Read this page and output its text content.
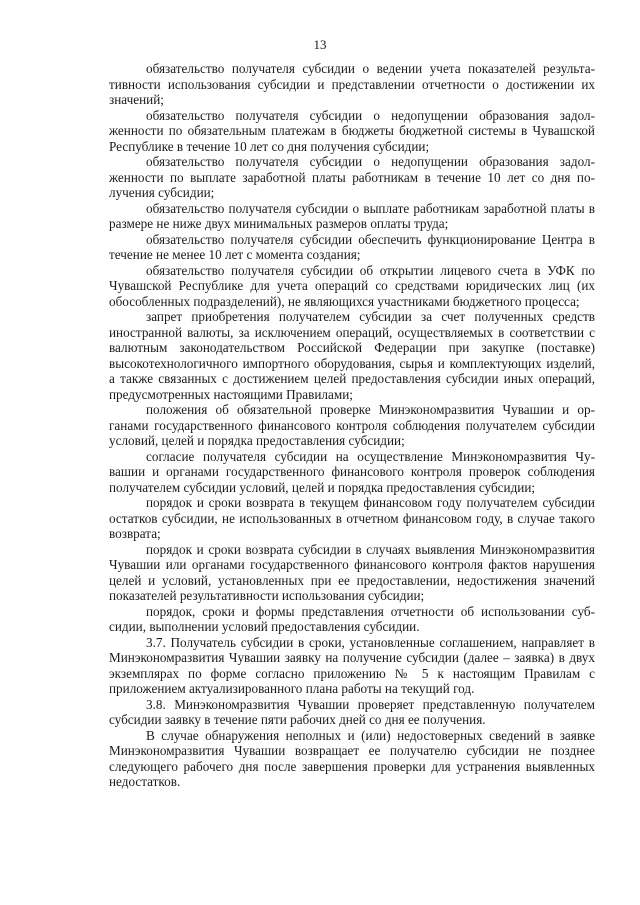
13

обязательство получателя субсидии о ведении учета показателей результативности использования субсидии и представлении отчетности о достижении их значений;

обязательство получателя субсидии о недопущении образования задолженности по обязательным платежам в бюджеты бюджетной системы в Чувашской Республике в течение 10 лет со дня получения субсидии;

обязательство получателя субсидии о недопущении образования задолженности по выплате заработной платы работникам в течение 10 лет со дня получения субсидии;

обязательство получателя субсидии о выплате работникам заработной платы в размере не ниже двух минимальных размеров оплаты труда;

обязательство получателя субсидии обеспечить функционирование Центра в течение не менее 10 лет с момента создания;

обязательство получателя субсидии об открытии лицевого счета в УФК по Чувашской Республике для учета операций со средствами юридических лиц (их обособленных подразделений), не являющихся участниками бюджетного процесса;

запрет приобретения получателем субсидии за счет полученных средств иностранной валюты, за исключением операций, осуществляемых в соответствии с валютным законодательством Российской Федерации при закупке (поставке) высокотехнологичного импортного оборудования, сырья и комплектующих изделий, а также связанных с достижением целей предоставления субсидии иных операций, предусмотренных настоящими Правилами;

положения об обязательной проверке Минэкономразвития Чувашии и органами государственного финансового контроля соблюдения получателем субсидии условий, целей и порядка предоставления субсидии;

согласие получателя субсидии на осуществление Минэкономразвития Чувашии и органами государственного финансового контроля проверок соблюдения получателем субсидии условий, целей и порядка предоставления субсидии;

порядок и сроки возврата в текущем финансовом году получателем субсидии остатков субсидии, не использованных в отчетном финансовом году, в случае такого возврата;

порядок и сроки возврата субсидии в случаях выявления Минэкономразвития Чувашии или органами государственного финансового контроля фактов нарушения целей и условий, установленных при ее предоставлении, недостижения значений показателей результативности использования субсидии;

порядок, сроки и формы представления отчетности об использовании субсидии, выполнении условий предоставления субсидии.

3.7. Получатель субсидии в сроки, установленные соглашением, направляет в Минэкономразвития Чувашии заявку на получение субсидии (далее – заявка) в двух экземплярах по форме согласно приложению № 5 к настоящим Правилам с приложением актуализированного плана работы на текущий год.

3.8. Минэкономразвития Чувашии проверяет представленную получателем субсидии заявку в течение пяти рабочих дней со дня ее получения.

В случае обнаружения неполных и (или) недостоверных сведений в заявке Минэкономразвития Чувашии возвращает ее получателю субсидии не позднее следующего рабочего дня после завершения проверки для устранения выявленных недостатков.
